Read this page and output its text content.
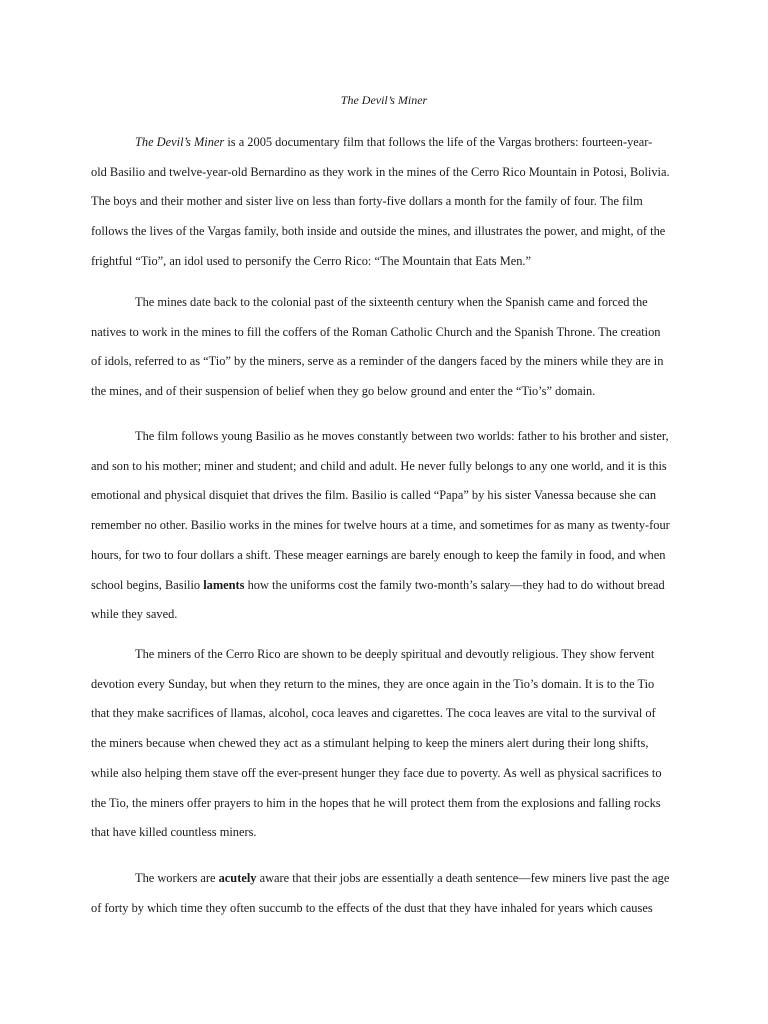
The Devil’s Miner

The Devil’s Miner is a 2005 documentary film that follows the life of the Vargas brothers: fourteen-year-
old Basilio and twelve-year-old Bernardino as they work in the mines of the Cerro Rico Mountain in Potosi, Bolivia.
The boys and their mother and sister live on less than forty-five dollars a month for the family of four. The film
follows the lives of the Vargas family, both inside and outside the mines, and illustrates the power, and might, of the
frightful “Tio”, an idol used to personify the Cerro Rico: “The Mountain that Eats Men.”

The mines date back to the colonial past of the sixteenth century when the Spanish came and forced the
natives to work in the mines to fill the coffers of the Roman Catholic Church and the Spanish Throne. The creation
of idols, referred to as “Tio” by the miners, serve as a reminder of the dangers faced by the miners while they are in
the mines, and of their suspension of belief when they go below ground and enter the “Tio’s” domain.

The film follows young Basilio as he moves constantly between two worlds: father to his brother and sister,
and son to his mother; miner and student; and child and adult. He never fully belongs to any one world, and it is this
emotional and physical disquiet that drives the film. Basilio is called “Papa” by his sister Vanessa because she can
remember no other. Basilio works in the mines for twelve hours at a time, and sometimes for as many as twenty-four
hours, for two to four dollars a shift. These meager earnings are barely enough to keep the family in food, and when
school begins, Basilio laments how the uniforms cost the family two-month’s salary—they had to do without bread
while they saved.

The miners of the Cerro Rico are shown to be deeply spiritual and devoutly religious. They show fervent
devotion every Sunday, but when they return to the mines, they are once again in the Tio’s domain. It is to the Tio
that they make sacrifices of llamas, alcohol, coca leaves and cigarettes. The coca leaves are vital to the survival of
the miners because when chewed they act as a stimulant helping to keep the miners alert during their long shifts,
while also helping them stave off the ever-present hunger they face due to poverty. As well as physical sacrifices to
the Tio, the miners offer prayers to him in the hopes that he will protect them from the explosions and falling rocks
that have killed countless miners.

The workers are acutely aware that their jobs are essentially a death sentence—few miners live past the age
of forty by which time they often succumb to the effects of the dust that they have inhaled for years which causes
